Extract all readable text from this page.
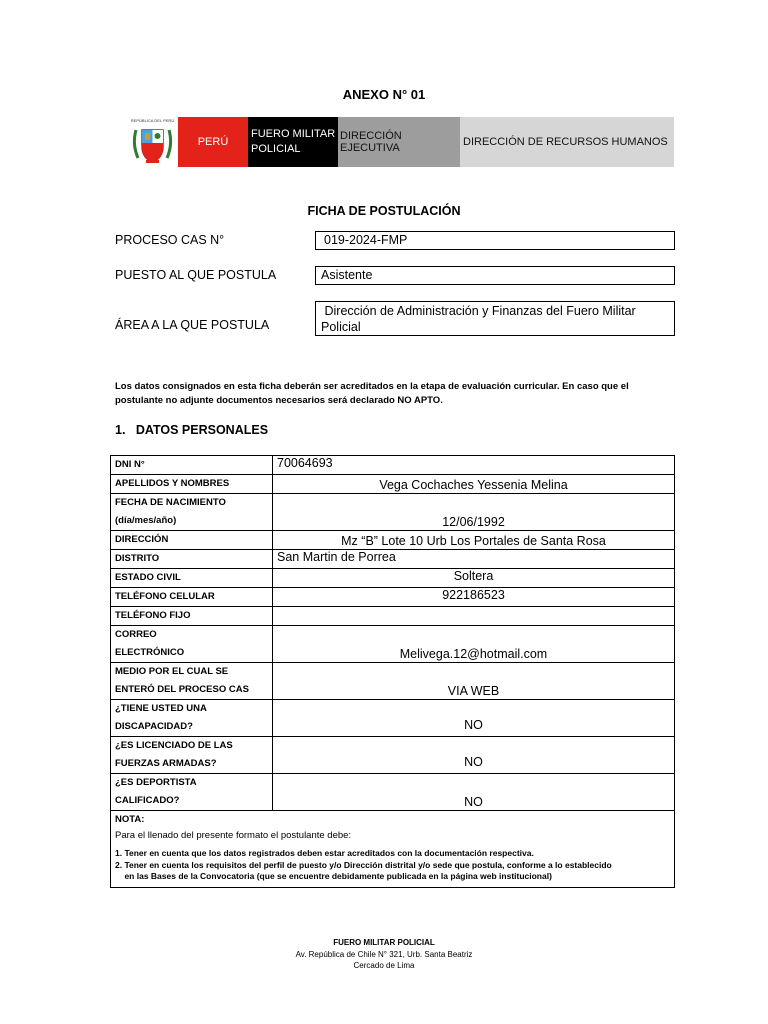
ANEXO N° 01
REPÚBLICA DEL PERÚ
PERÚ
FUERO MILITAR
POLICIAL
DIRECCIÓN EJECUTIVA	DIRECCIÓN DE RECURSOS HUMANOS
FICHA DE POSTULACIÓN
PROCESO CAS N°	019-2024-FMP
PUESTO AL QUE POSTULA	Asistente
ÁREA A LA QUE POSTULA
Dirección de Administración y Finanzas del Fuero Militar
Policial
Los datos consignados en esta ficha deberán ser acreditados en la etapa de evaluación curricular. En caso que el postulante no adjunte documentos necesarios será declarado NO APTO.
1.   DATOS PERSONALES
DNI N°	70064693
APELLIDOS Y NOMBRES	Vega Cochaches Yessenia Melina

FECHA DE NACIMIENTO
(día/mes/año)	12/06/1992
DIRECCIÓN	Mz “B” Lote 10 Urb Los Portales de Santa Rosa
DISTRITO	San Martin de Porrea
ESTADO CIVIL	Soltera
TELÉFONO CELULAR	922186523
TELÉFONO FIJO	

CORREO
ELECTRÓNICO	Melivega.12@hotmail.com

MEDIO POR EL CUAL SE
ENTERÓ DEL PROCESO CAS	VIA WEB

¿TIENE USTED UNA
DISCAPACIDAD?	NO

¿ES LICENCIADO DE LAS
FUERZAS ARMADAS?	NO

¿ES DEPORTISTA
CALIFICADO?	NO

NOTA:
Para el llenado del presente formato el postulante debe:
1. Tener en cuenta que los datos registrados deben estar acreditados con la documentación respectiva.
2. Tener en cuenta los requisitos del perfil de puesto y/o Dirección distrital y/o sede que postula, conforme a lo establecido
en las Bases de la Convocatoria (que se encuentre debidamente publicada en la página web institucional)	
FUERO MILITAR POLICIAL
Av. República de Chile N° 321, Urb. Santa Beatriz
Cercado de Lima
